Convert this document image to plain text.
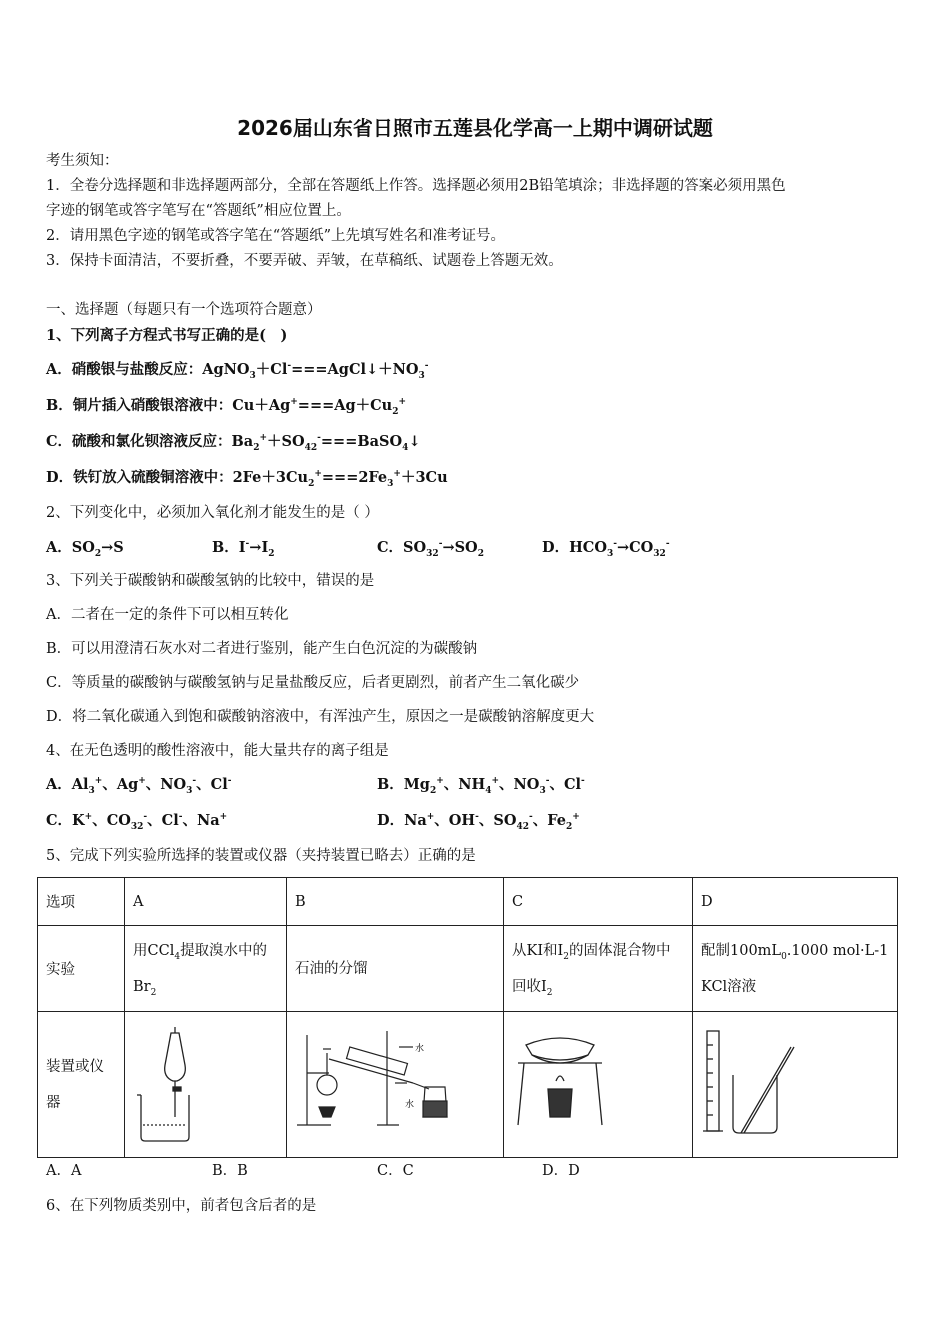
2026届山东省日照市五莲县化学高一上期中调研试题
考生须知：
1．全卷分选择题和非选择题两部分，全部在答题纸上作答。选择题必须用2B铅笔填涂；非选择题的答案必须用黑色
字迹的钢笔或答字笔写在“答题纸”相应位置上。
2．请用黑色字迹的钢笔或答字笔在“答题纸”上先填写姓名和准考证号。
3．保持卡面清洁，不要折叠，不要弄破、弄皱，在草稿纸、试题卷上答题无效。
一、选择题（每题只有一个选项符合题意）
1、下列离子方程式书写正确的是(　)
A．硝酸银与盐酸反应：$AgNO_3+Cl^-===AgCl↓+NO_3^-$
B．铜片插入硝酸银溶液中：$Cu+Ag^+===Ag+Cu_2^+$
C．硫酸和氯化钡溶液反应：$Ba_2^++SO_{42}^-===BaSO_4↓$
D．铁钉放入硫酸铜溶液中：$2Fe+3Cu_2^+===2Fe_3^++3Cu$
2、下列变化中，必须加入氧化剂才能发生的是（ ）
A．$SO_2\to S$	B．$I^-\to I_2$	C．$SO_{32}^-\to SO_2$	D．$HCO_3^-\to CO_{32}^-$
3、下列关于碳酸钠和碳酸氢钠的比较中，错误的是
A．二者在一定的条件下可以相互转化
B．可以用澄清石灰水对二者进行鉴别，能产生白色沉淀的为碳酸钠
C．等质量的碳酸钠与碳酸氢钠与足量盐酸反应，后者更剧烈，前者产生二氧化碳少
D．将二氧化碳通入到饱和碳酸钠溶液中，有浑浊产生，原因之一是碳酸钠溶解度更大
4、在无色透明的酸性溶液中，能大量共存的离子组是
A．$Al_3^+$、Ag+、$NO_3^-$、Cl-	B．$Mg_2^+$、$NH_4^+$、$NO_3^-$、Cl-
C．K+、$CO_{32}^-$、Cl-、Na+	D．Na+、OH-、$SO_{42}^-$、$Fe_2^+$
5、完成下列实验所选择的装置或仪器（夹持装置已略去）正确的是
选项	A	B	C	D
实验	用CCl$_4$提取溴水中的$Br_2$	石油的分馏	从KI和$I_2$的固体混合物中回收$I_2$	配制$100mL_0.1000$ mol·L-1 KCl溶液

装置或仪器		水
水

A．A	B．B	C．C	D．D
6、在下列物质类别中，前者包含后者的是
